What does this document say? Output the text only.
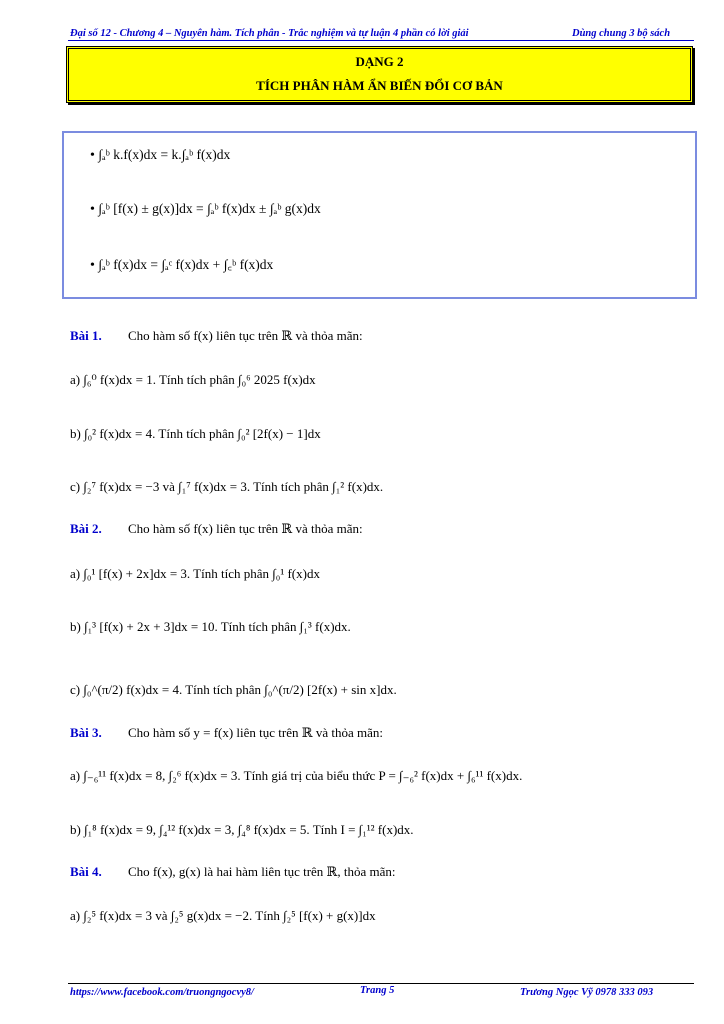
Đại số 12 - Chương 4 – Nguyên hàm. Tích phân - Trắc nghiệm và tự luận 4 phần có lời giải	Dùng chung 3 bộ sách
DẠNG 2
TÍCH PHÂN HÀM ẨN BIẾN ĐỔI CƠ BẢN
• ∫ₐᵇ k.f(x)dx = k.∫ₐᵇ f(x)dx
• ∫ₐᵇ [f(x) ± g(x)]dx = ∫ₐᵇ f(x)dx ± ∫ₐᵇ g(x)dx
• ∫ₐᵇ f(x)dx = ∫ₐᶜ f(x)dx + ∫꜀ᵇ f(x)dx
Bài 1. Cho hàm số f(x) liên tục trên ℝ và thỏa mãn:
a) ∫₆⁰ f(x)dx = 1. Tính tích phân ∫₀⁶ 2025 f(x)dx
b) ∫₀² f(x)dx = 4. Tính tích phân ∫₀² [2f(x) − 1]dx
c) ∫₂⁷ f(x)dx = −3 và ∫₁⁷ f(x)dx = 3. Tính tích phân ∫₁² f(x)dx.
Bài 2. Cho hàm số f(x) liên tục trên ℝ và thỏa mãn:
a) ∫₀¹ [f(x) + 2x]dx = 3. Tính tích phân ∫₀¹ f(x)dx
b) ∫₁³ [f(x) + 2x + 3]dx = 10. Tính tích phân ∫₁³ f(x)dx.
c) ∫₀^(π/2) f(x)dx = 4. Tính tích phân ∫₀^(π/2) [2f(x) + sin x]dx.
Bài 3. Cho hàm số y = f(x) liên tục trên ℝ và thỏa mãn:
a) ∫₋₆¹¹ f(x)dx = 8, ∫₂⁶ f(x)dx = 3. Tính giá trị của biểu thức P = ∫₋₆² f(x)dx + ∫₆¹¹ f(x)dx.
b) ∫₁⁸ f(x)dx = 9, ∫₄¹² f(x)dx = 3, ∫₄⁸ f(x)dx = 5. Tính I = ∫₁¹² f(x)dx.
Bài 4. Cho f(x), g(x) là hai hàm liên tục trên ℝ, thỏa mãn:
a) ∫₂⁵ f(x)dx = 3 và ∫₂⁵ g(x)dx = −2. Tính ∫₂⁵ [f(x) + g(x)]dx
https://www.facebook.com/truongngocvy8/	Trang 5	Trương Ngọc Vỹ 0978 333 093
